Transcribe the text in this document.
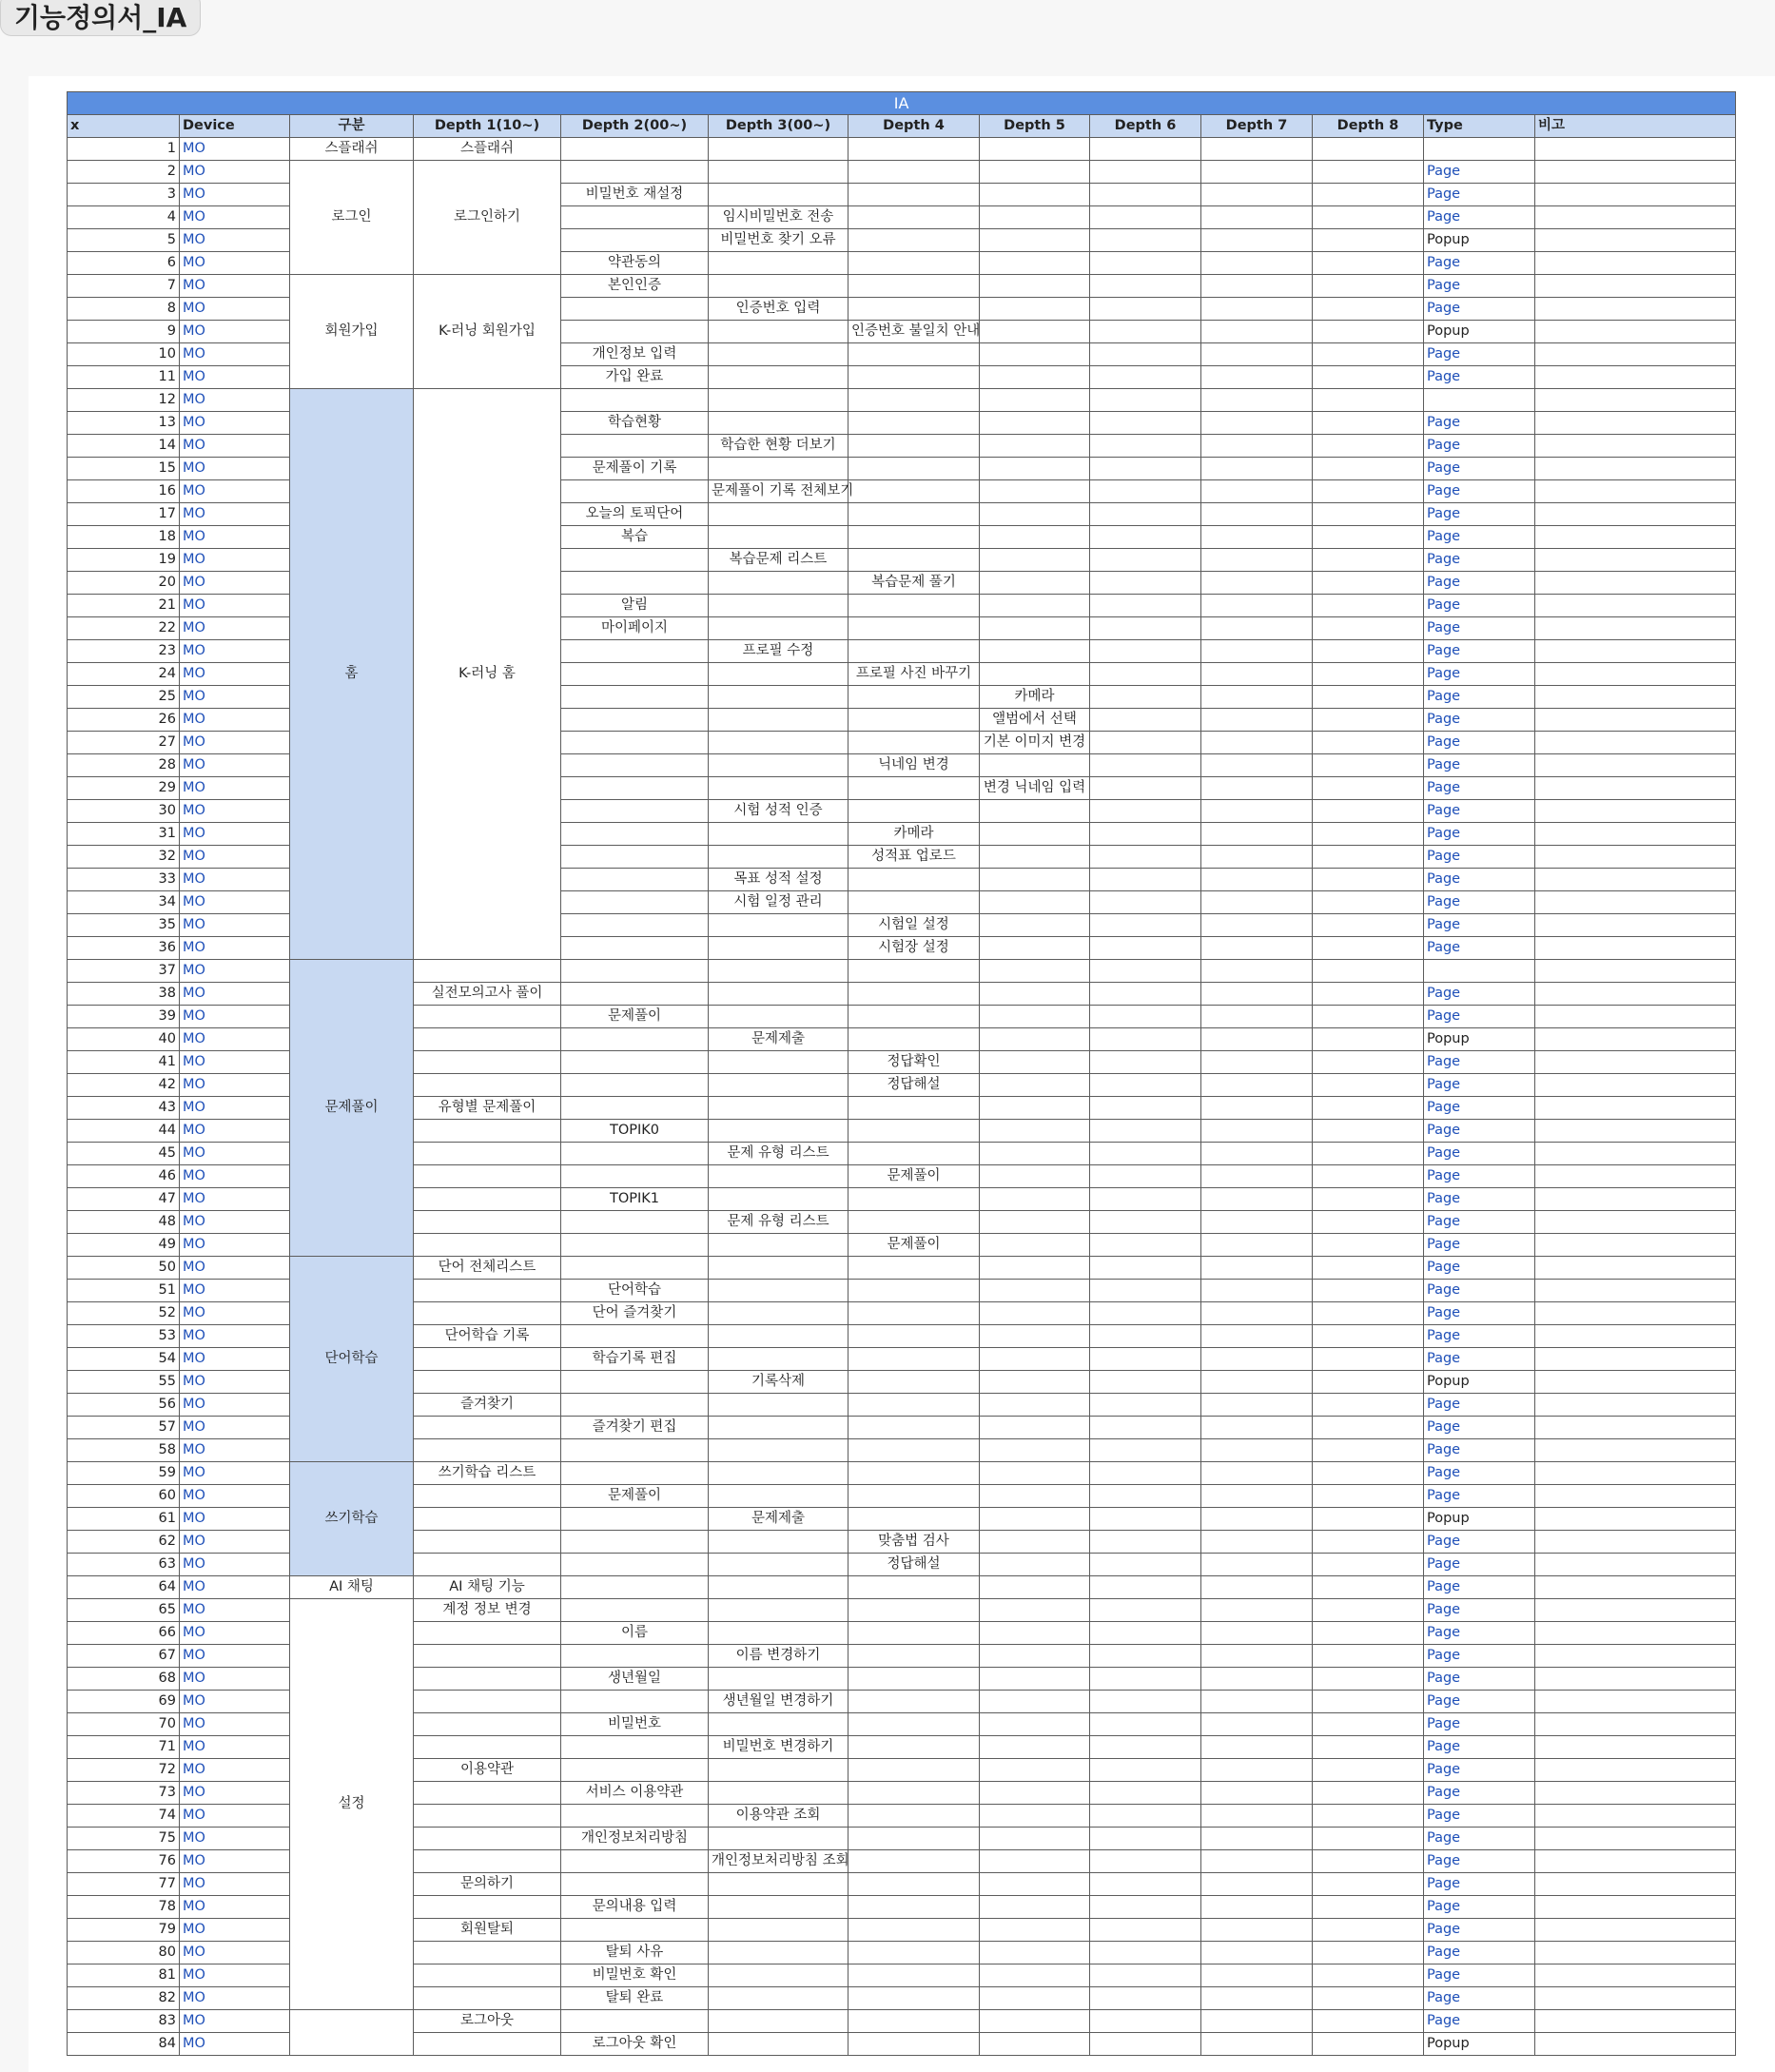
기능정의서_IA
IA												
x	Device	구분	Depth 1(10~)	Depth 2(00~)	Depth 3(00~)	Depth 4	Depth 5	Depth 6	Depth 7	Depth 8	Type	비고
1	MO	스플래쉬	스플래쉬									
2	MO	로그인	로그인하기								Page	
3	MO			비밀번호 재설정							Page	
4	MO				임시비밀번호 전송						Page	
5	MO				비밀번호 찾기 오류						Popup	
6	MO			약관동의							Page	
7	MO	회원가입	K-러닝 회원가입	본인인증							Page	
8	MO				인증번호 입력						Page	
9	MO					인증번호 불일치 안내					Popup	
10	MO			개인정보 입력							Page	
11	MO			가입 완료							Page	
12	MO	홈	K-러닝 홈									
13	MO			학습현황							Page	
14	MO				학습한 현황 더보기						Page	
15	MO			문제풀이 기록							Page	
16	MO				문제풀이 기록 전체보기						Page	
17	MO			오늘의 토픽단어							Page	
18	MO			복습							Page	
19	MO				복습문제 리스트						Page	
20	MO					복습문제 풀기					Page	
21	MO			알림							Page	
22	MO			마이페이지							Page	
23	MO				프로필 수정						Page	
24	MO					프로필 사진 바꾸기					Page	
25	MO						카메라				Page	
26	MO						앨범에서 선택				Page	
27	MO						기본 이미지 변경				Page	
28	MO					닉네임 변경					Page	
29	MO						변경 닉네임 입력				Page	
30	MO				시험 성적 인증						Page	
31	MO					카메라					Page	
32	MO					성적표 업로드					Page	
33	MO				목표 성적 설정						Page	
34	MO				시험 일정 관리						Page	
35	MO					시험일 설정					Page	
36	MO					시험장 설정					Page	
37	MO	문제풀이										
38	MO		실전모의고사 풀이								Page	
39	MO			문제풀이							Page	
40	MO				문제제출						Popup	
41	MO					정답확인					Page	
42	MO					정답해설					Page	
43	MO		유형별 문제풀이								Page	
44	MO			TOPIK0							Page	
45	MO				문제 유형 리스트						Page	
46	MO					문제풀이					Page	
47	MO			TOPIK1							Page	
48	MO				문제 유형 리스트						Page	
49	MO					문제풀이					Page	
50	MO	단어학습	단어 전체리스트								Page	
51	MO			단어학습							Page	
52	MO			단어 즐겨찾기							Page	
53	MO		단어학습 기록								Page	
54	MO			학습기록 편집							Page	
55	MO				기록삭제						Popup	
56	MO		즐겨찾기								Page	
57	MO			즐겨찾기 편집							Page	
58	MO										Page	
59	MO	쓰기학습	쓰기학습 리스트								Page	
60	MO			문제풀이							Page	
61	MO				문제제출						Popup	
62	MO					맞춤법 검사					Page	
63	MO					정답해설					Page	
64	MO	AI 채팅	AI 채팅 기능								Page	
65	MO	설정	계정 정보 변경								Page	
66	MO			이름							Page	
67	MO				이름 변경하기						Page	
68	MO			생년월일							Page	
69	MO				생년월일 변경하기						Page	
70	MO			비밀번호							Page	
71	MO				비밀번호 변경하기						Page	
72	MO		이용약관								Page	
73	MO			서비스 이용약관							Page	
74	MO				이용약관 조회						Page	
75	MO			개인정보처리방침							Page	
76	MO				개인정보처리방침 조회						Page	
77	MO		문의하기								Page	
78	MO			문의내용 입력							Page	
79	MO		회원탈퇴								Page	
80	MO			탈퇴 사유							Page	
81	MO			비밀번호 확인							Page	
82	MO			탈퇴 완료							Page	
83	MO		로그아웃								Page	
84	MO			로그아웃 확인							Popup	
